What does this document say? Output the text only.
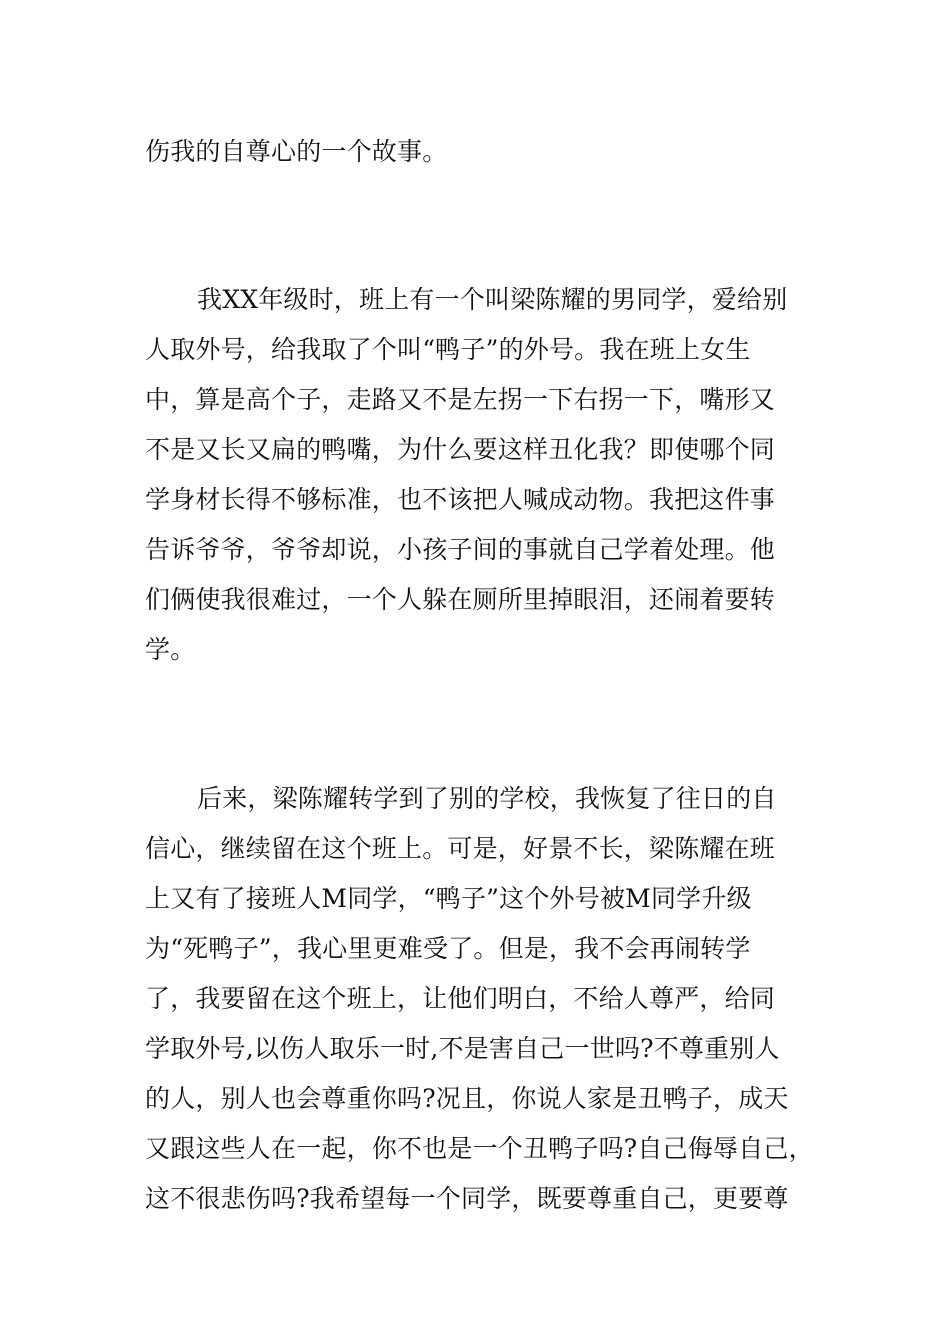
伤我的自尊心的一个故事。
我XX年级时，班上有一个叫梁陈耀的男同学，爱给别
人取外号，给我取了个叫“鸭子”的外号。我在班上女生
中，算是高个子，走路又不是左拐一下右拐一下，嘴形又
不是又长又扁的鸭嘴，为什么要这样丑化我？即使哪个同
学身材长得不够标准，也不该把人喊成动物。我把这件事
告诉爷爷，爷爷却说，小孩子间的事就自己学着处理。他
们俩使我很难过，一个人躲在厕所里掉眼泪，还闹着要转
学。
后来，梁陈耀转学到了别的学校，我恢复了往日的自
信心，继续留在这个班上。可是，好景不长，梁陈耀在班
上又有了接班人M同学，“鸭子”这个外号被M同学升级
为“死鸭子”，我心里更难受了。但是，我不会再闹转学
了，我要留在这个班上，让他们明白，不给人尊严，给同
学取外号,以伤人取乐一时,不是害自己一世吗?不尊重别人
的人，别人也会尊重你吗?况且，你说人家是丑鸭子，成天
又跟这些人在一起，你不也是一个丑鸭子吗?自己侮辱自己，
这不很悲伤吗?我希望每一个同学，既要尊重自己，更要尊
